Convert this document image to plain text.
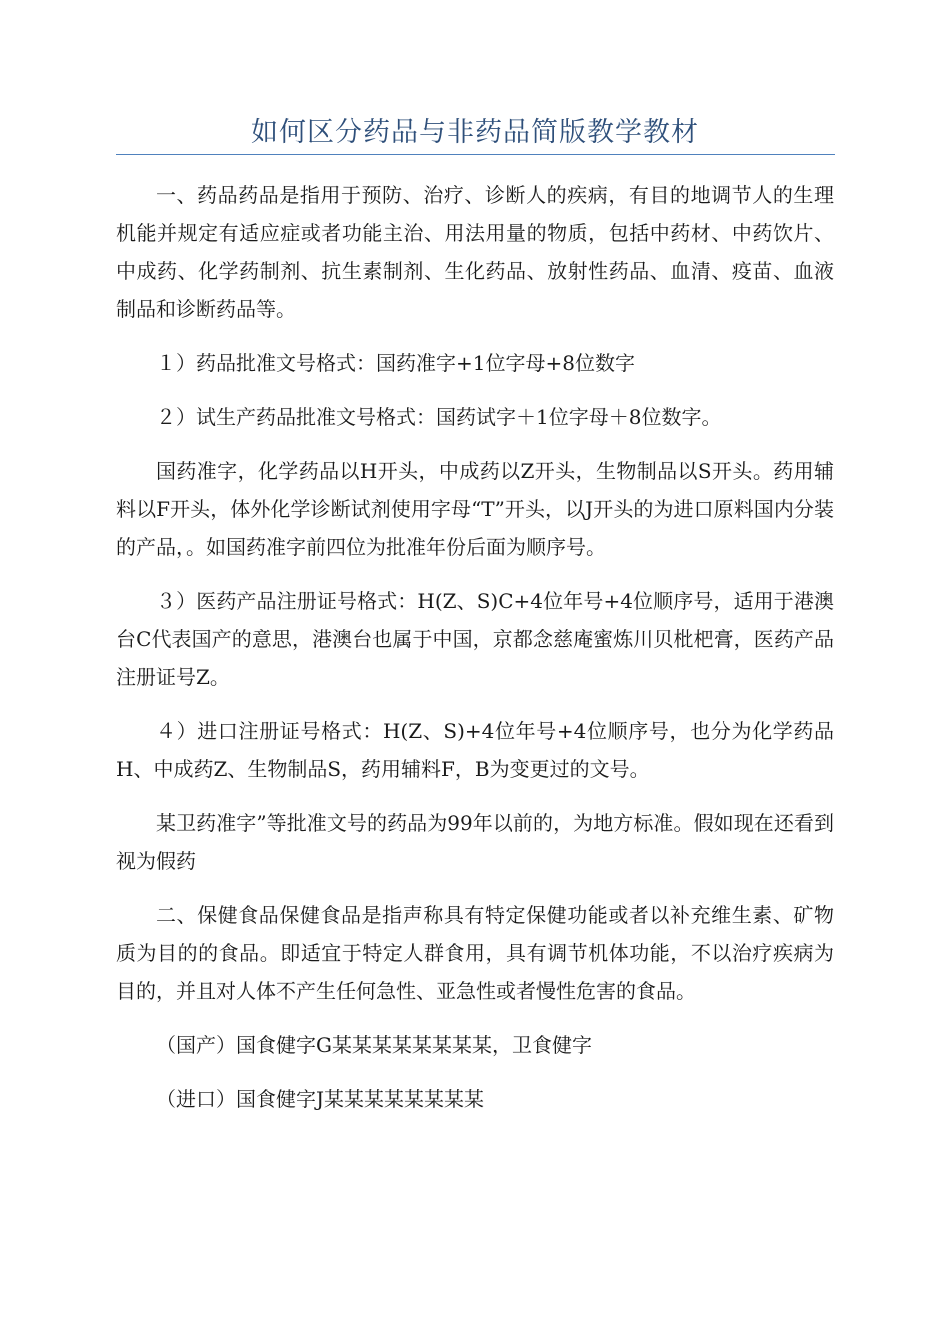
如何区分药品与非药品简版教学教材

一、药品药品是指用于预防、治疗、诊断人的疾病，有目的地调节人的生理机能并规定有适应症或者功能主治、用法用量的物质，包括中药材、中药饮片、中成药、化学药制剂、抗生素制剂、生化药品、放射性药品、血清、疫苗、血液制品和诊断药品等。

１）药品批准文号格式：国药准字+1位字母+8位数字

２）试生产药品批准文号格式：国药试字＋1位字母＋8位数字。

国药准字，化学药品以H开头，中成药以Z开头，生物制品以S开头。药用辅料以F开头，体外化学诊断试剂使用字母“T”开头，以J开头的为进口原料国内分装的产品，。如国药准字前四位为批准年份后面为顺序号。

３）医药产品注册证号格式：H(Z、S)C+4位年号+4位顺序号，适用于港澳台C代表国产的意思，港澳台也属于中国，京都念慈庵蜜炼川贝枇杷膏，医药产品注册证号Z。

４）进口注册证号格式：H(Z、S)+4位年号+4位顺序号，也分为化学药品H、中成药Z、生物制品S，药用辅料F，B为变更过的文号。

某卫药准字”等批准文号的药品为99年以前的，为地方标准。假如现在还看到视为假药

二、保健食品保健食品是指声称具有特定保健功能或者以补充维生素、矿物质为目的的食品。即适宜于特定人群食用，具有调节机体功能，不以治疗疾病为目的，并且对人体不产生任何急性、亚急性或者慢性危害的食品。

（国产）国食健字G某某某某某某某某，卫食健字

（进口）国食健字J某某某某某某某某
